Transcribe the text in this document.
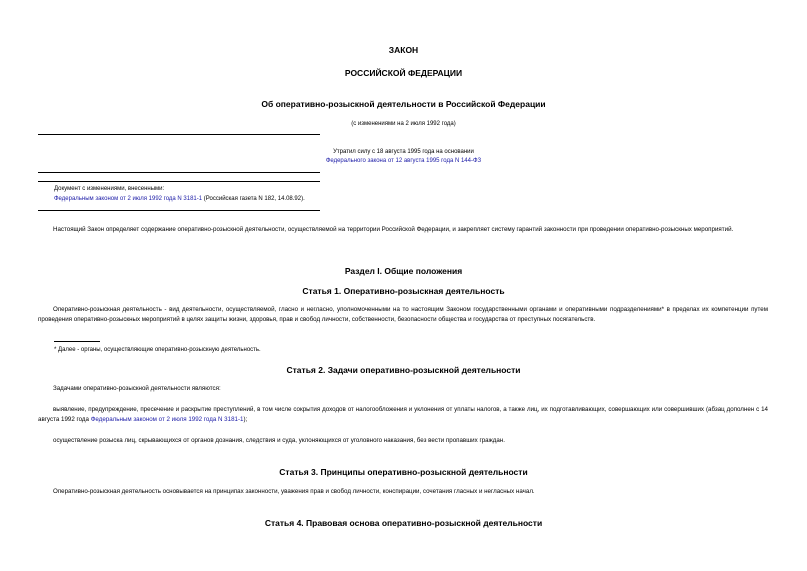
ЗАКОН
РОССИЙСКОЙ ФЕДЕРАЦИИ
Об оперативно-розыскной деятельности в Российской Федерации
(с изменениями на 2 июля 1992 года)
Утратил силу с 18 августа 1995 года на основании
Федерального закона от 12 августа 1995 года N 144-ФЗ
Документ с изменениями, внесенными:
Федеральным законом от 2 июля 1992 года N 3181-1 (Российская газета N 182, 14.08.92).

Настоящий Закон определяет содержание оперативно-розыскной деятельности, осуществляемой на территории Российской Федерации, и закрепляет систему гарантий законности при проведении оперативно-розыскных мероприятий.

Раздел I. Общие положения
Статья 1. Оперативно-розыскная деятельность

Оперативно-розыскная деятельность - вид деятельности, осуществляемой, гласно и негласно, уполномоченными на то настоящим Законом государственными органами и оперативными подразделениями* в пределах их компетенции путем проведения оперативно-розыскных мероприятий в целях защиты жизни, здоровья, прав и свобод личности, собственности, безопасности общества и государства от преступных посягательств.

* Далее - органы, осуществляющие оперативно-розыскную деятельность.
Статья 2. Задачи оперативно-розыскной деятельности

Задачами оперативно-розыскной деятельности являются:

выявление, предупреждение, пресечение и раскрытие преступлений, в том числе сокрытия доходов от налогообложения и уклонения от уплаты налогов, а также лиц, их подготавливающих, совершающих или совершивших (абзац дополнен с 14 августа 1992 года Федеральным законом от 2 июля 1992 года N 3181-1);

осуществление розыска лиц, скрывающихся от органов дознания, следствия и суда, уклоняющихся от уголовного наказания, без вести пропавших граждан.

Статья 3. Принципы оперативно-розыскной деятельности

Оперативно-розыскная деятельность основывается на принципах законности, уважения прав и свобод личности, конспирации, сочетания гласных и негласных начал.

Статья 4. Правовая основа оперативно-розыскной деятельности
